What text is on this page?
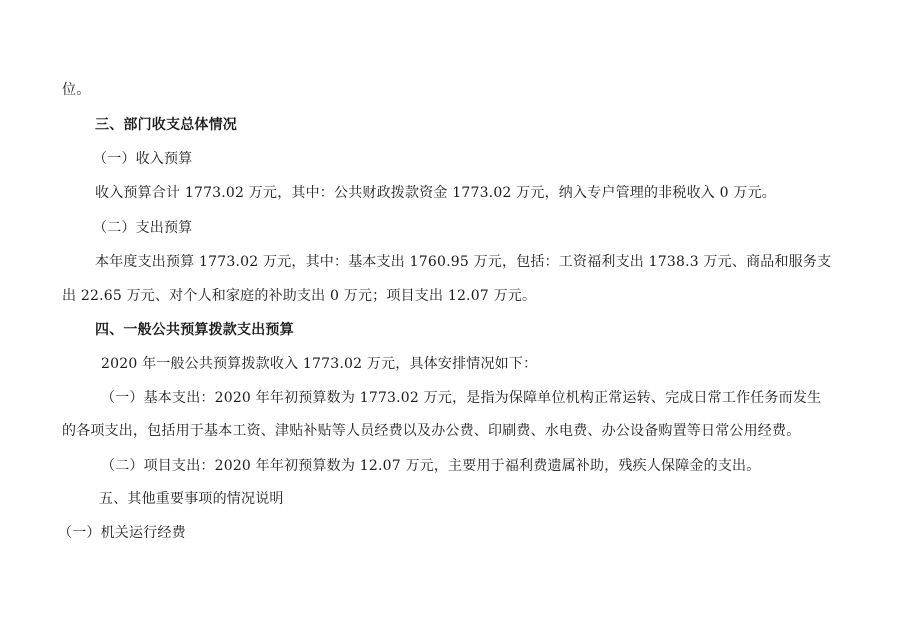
位。
三、部门收支总体情况
（一）收入预算
收入预算合计 1773.02 万元，其中：公共财政拨款资金 1773.02 万元，纳入专户管理的非税收入 0 万元。
（二）支出预算
本年度支出预算 1773.02 万元，其中：基本支出 1760.95 万元，包括：工资福利支出 1738.3 万元、商品和服务支
出 22.65 万元、对个人和家庭的补助支出 0 万元；项目支出 12.07 万元。
四、一般公共预算拨款支出预算
2020 年一般公共预算拨款收入 1773.02 万元，具体安排情况如下：
（一）基本支出：2020 年年初预算数为 1773.02 万元，是指为保障单位机构正常运转、完成日常工作任务而发生
的各项支出，包括用于基本工资、津贴补贴等人员经费以及办公费、印刷费、水电费、办公设备购置等日常公用经费。
（二）项目支出：2020 年年初预算数为 12.07 万元，主要用于福利费遗属补助，残疾人保障金的支出。
五、其他重要事项的情况说明
（一）机关运行经费
